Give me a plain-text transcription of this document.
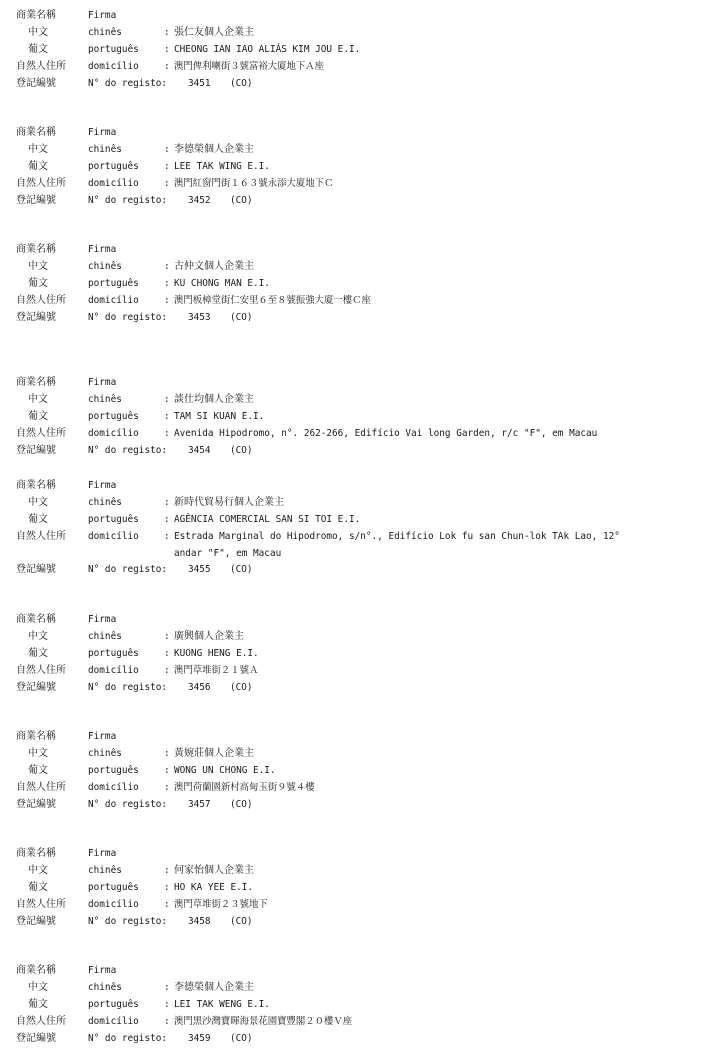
商業名稱	Firma
中文	chinês	: 張仁友個人企業主
葡文	português	: CHEONG IAN IAO ALIÁS KIM JOU E.I.
自然人住所 domicílio	: 澳門俾利喇街３號富裕大廈地下Ａ座
登記編號	N° do registo: 3451 (CO)
商業名稱	Firma
中文	chinês	: 李德榮個人企業主
葡文	português	: LEE TAK WING E.I.
自然人住所 domicílio	: 澳門紅窗門街１６３號永添大廈地下Ｃ
登記編號	N° do registo: 3452 (CO)
商業名稱	Firma
中文	chinês	: 古仲文個人企業主
葡文	português	: KU CHONG MAN E.I.
自然人住所 domicílio	: 澳門板樟堂街仁安里６至８號振強大廈一樓Ｃ座
登記編號	N° do registo: 3453 (CO)
商業名稱	Firma
中文	chinês	: 談仕均個人企業主
葡文	português	: TAM SI KUAN E.I.
自然人住所 domicílio	: Avenida Hipodromo, n°. 262-266, Edifício Vai long Garden, r/c "F", em Macau
登記編號	N° do registo: 3454 (CO)
商業名稱	Firma
中文	chinês	: 新時代貿易行個人企業主
葡文	português	: AGÊNCIA COMERCIAL SAN SI TOI E.I.
自然人住所 domicílio	: Estrada Marginal do Hipodromo, s/n°., Edifício Lok fu san Chun-lok TAk Lao, 12°
andar "F", em Macau
登記編號	N° do registo: 3455 (CO)
商業名稱	Firma
中文	chinês	: 廣興個人企業主
葡文	português	: KUONG HENG E.I.
自然人住所 domicílio	: 澳門草堆街２１號Ａ
登記編號	N° do registo: 3456 (CO)
商業名稱	Firma
中文	chinês	: 黃婉莊個人企業主
葡文	português	: WONG UN CHONG E.I.
自然人住所 domicílio	: 澳門荷蘭園新村高甸玉街９號４樓
登記編號	N° do registo: 3457 (CO)
商業名稱	Firma
中文	chinês	: 何家怡個人企業主
葡文	português	: HO KA YEE E.I.
自然人住所 domicílio	: 澳門草堆街２３號地下
登記編號	N° do registo: 3458 (CO)
商業名稱	Firma
中文	chinês	: 李德榮個人企業主
葡文	português	: LEI TAK WENG E.I.
自然人住所 domicílio	: 澳門黑沙灣寶暉海景花園寶豐閣２０樓Ｖ座
登記編號	N° do registo: 3459 (CO)
